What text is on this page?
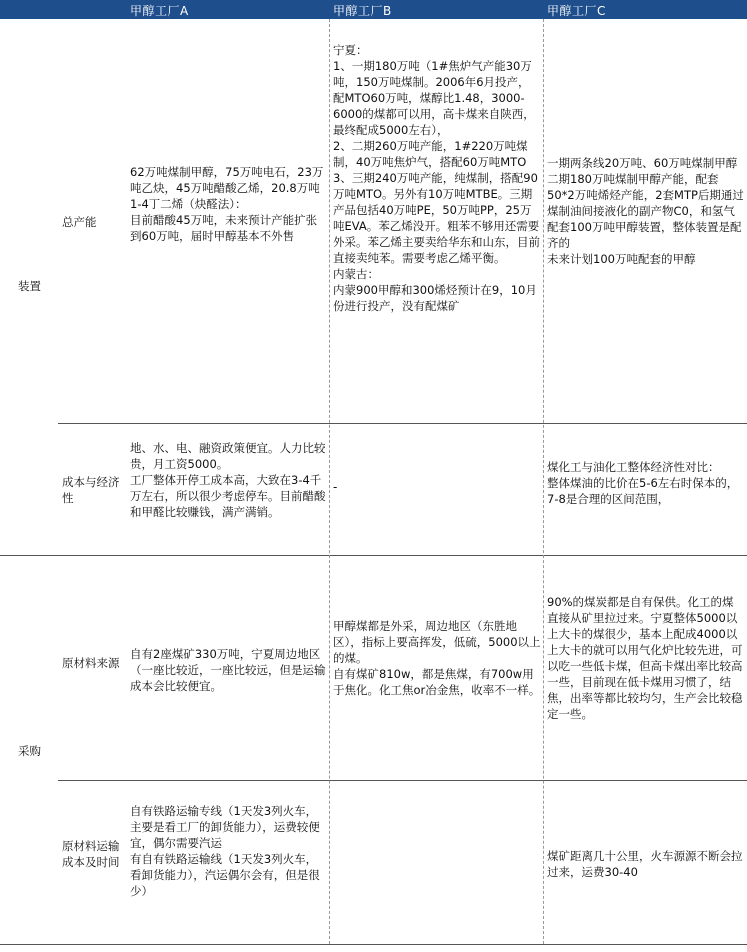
甲醇工厂A	甲醇工厂B	甲醇工厂C
装置
采购
总产能
62万吨煤制甲醇，75万吨电石，23万吨乙炔，45万吨醋酸乙烯，20.8万吨1-4丁二烯（炔醛法）：
目前醋酸45万吨，未来预计产能扩张到60万吨，届时甲醇基本不外售
宁夏：
1、一期180万吨（1#焦炉气产能30万吨，150万吨煤制。2006年6月投产，配MTO60万吨，煤醇比1.48，3000-6000的煤都可以用，高卡煤来自陕西，最终配成5000左右），
2、二期260万吨产能，1#220万吨煤制，40万吨焦炉气，搭配60万吨MTO
3、三期240万吨产能，纯煤制，搭配90万吨MTO。另外有10万吨MTBE。三期产品包括40万吨PE，50万吨PP，25万吨EVA。苯乙烯没开。粗苯不够用还需要外采。苯乙烯主要卖给华东和山东，目前直接卖纯苯。需要考虑乙烯平衡。
内蒙古：
内蒙900甲醇和300烯烃预计在9，10月份进行投产，没有配煤矿
一期两条线20万吨、60万吨煤制甲醇
二期180万吨煤制甲醇产能，配套50*2万吨烯烃产能，2套MTP后期通过煤制油间接液化的副产物C0，和氢气配套100万吨甲醇装置，整体装置是配齐的
未来计划100万吨配套的甲醇
成本与经济性
地、水、电、融资政策便宜。人力比较贵，月工资5000。
工厂整体开停工成本高，大致在3-4千万左右，所以很少考虑停车。目前醋酸和甲醛比较赚钱，满产满销。
-
煤化工与油化工整体经济性对比：
整体煤油的比价在5-6左右时保本的，7-8是合理的区间范围，
原材料来源
自有2座煤矿330万吨，宁夏周边地区（一座比较近，一座比较远，但是运输成本会比较便宜。
甲醇煤都是外采，周边地区（东胜地区），指标上要高挥发，低硫，5000以上的煤。
自有煤矿810w，都是焦煤，有700w用于焦化。化工焦or冶金焦，收率不一样。
90%的煤炭都是自有保供。化工的煤直接从矿里拉过来。宁夏整体5000以上大卡的煤很少，基本上配成4000以上大卡的就可以用气化炉比较先进，可以吃一些低卡煤，但高卡煤出率比较高一些，目前现在低卡煤用习惯了，结焦，出率等都比较均匀，生产会比较稳定一些。
原材料运输成本及时间
自有铁路运输专线（1天发3列火车，主要是看工厂的卸货能力），运费较便宜，偶尔需要汽运
有自有铁路运输线（1天发3列火车，看卸货能力），汽运偶尔会有，但是很少）
煤矿距离几十公里，火车源源不断会拉过来，运费30-40
